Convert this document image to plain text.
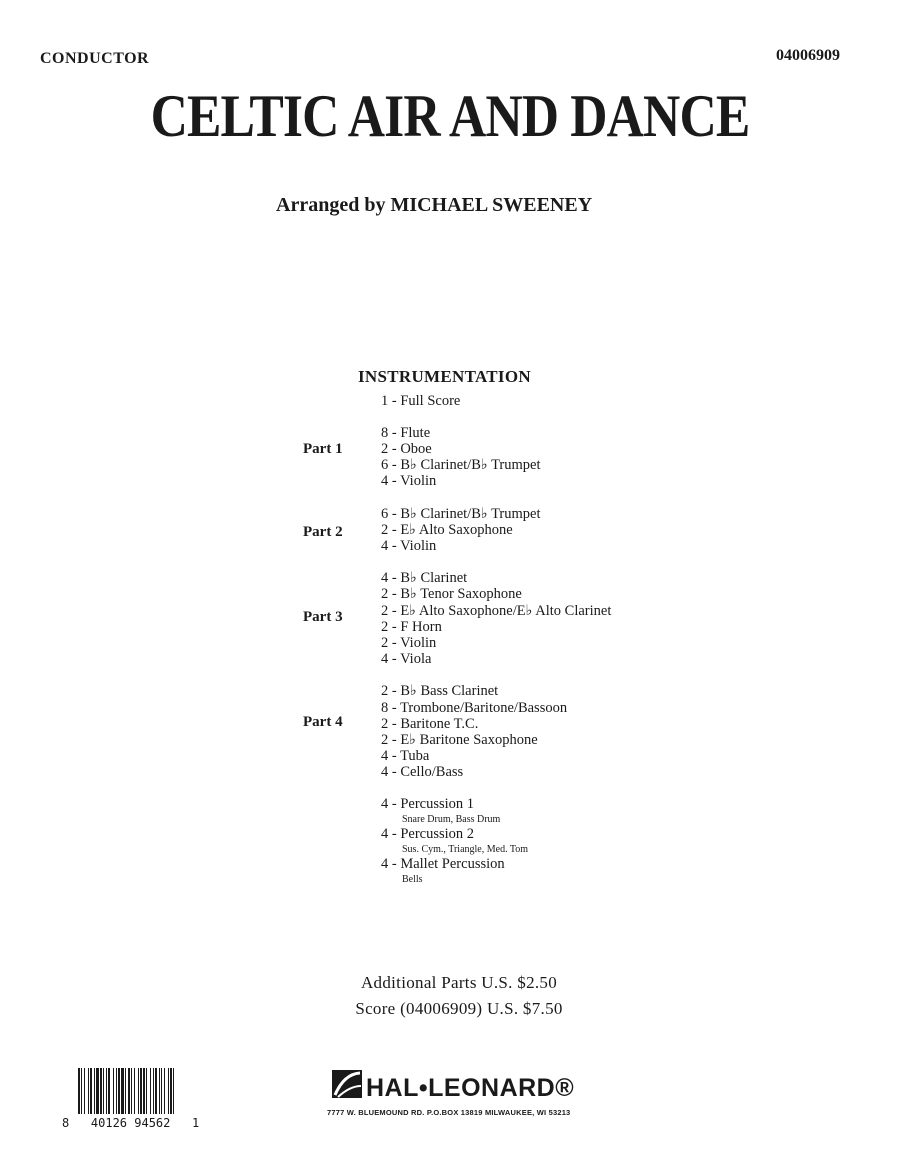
CONDUCTOR	04006909
CELTIC AIR AND DANCE
Arranged by MICHAEL SWEENEY
INSTRUMENTATION
1 - Full Score
Part 1
8 - Flute
2 - Oboe
6 - B♭ Clarinet/B♭ Trumpet
4 - Violin
Part 2
6 - B♭ Clarinet/B♭ Trumpet
2 - E♭ Alto Saxophone
4 - Violin
Part 3
4 - B♭ Clarinet
2 - B♭ Tenor Saxophone
2 - E♭ Alto Saxophone/E♭ Alto Clarinet
2 - F Horn
2 - Violin
4 - Viola
Part 4
2 - B♭ Bass Clarinet
8 - Trombone/Baritone/Bassoon
2 - Baritone T.C.
2 - E♭ Baritone Saxophone
4 - Tuba
4 - Cello/Bass
4 - Percussion 1
Snare Drum, Bass Drum
4 - Percussion 2
Sus. Cym., Triangle, Med. Tom
4 - Mallet Percussion
Bells
Additional Parts U.S. $2.50
Score (04006909) U.S. $7.50
8   40126 94562   1
HAL•LEONARD®
7777 W. BLUEMOUND RD. P.O.BOX 13819 MILWAUKEE, WI 53213
